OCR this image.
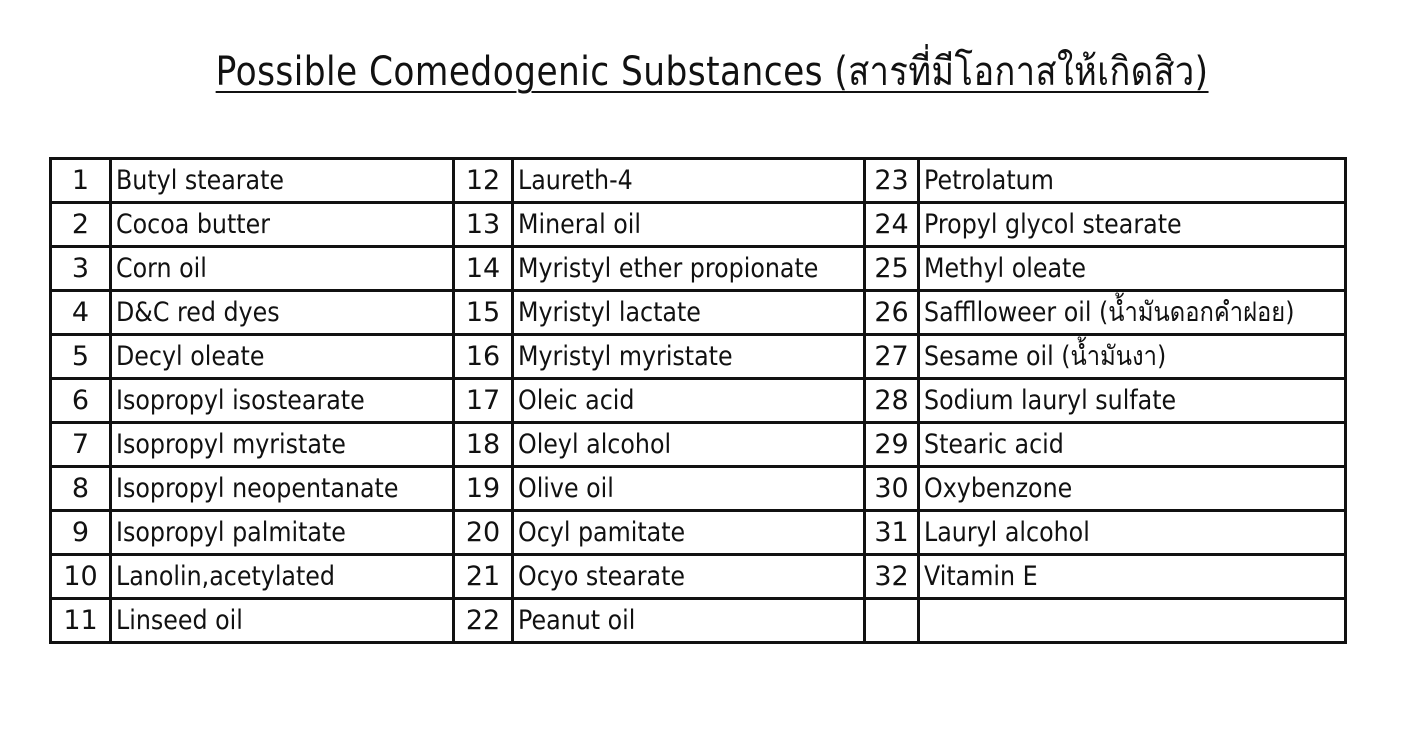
Possible Comedogenic Substances (สารที่มีโอกาสให้เกิดสิว)
1	Butyl stearate	12	Laureth-4	23	Petrolatum
2	Cocoa butter	13	Mineral oil	24	Propyl glycol stearate
3	Corn oil	14	Myristyl ether propionate	25	Methyl oleate
4	D&C red dyes	15	Myristyl lactate	26	Safflloweer oil (น้ำมันดอกคำฝอย)
5	Decyl oleate	16	Myristyl myristate	27	Sesame oil (น้ำมันงา)
6	Isopropyl isostearate	17	Oleic acid	28	Sodium lauryl sulfate
7	Isopropyl myristate	18	Oleyl alcohol	29	Stearic acid
8	Isopropyl neopentanate	19	Olive oil	30	Oxybenzone
9	Isopropyl palmitate	20	Ocyl pamitate	31	Lauryl alcohol
10	Lanolin,acetylated	21	Ocyo stearate	32	Vitamin E
11	Linseed oil	22	Peanut oil		
